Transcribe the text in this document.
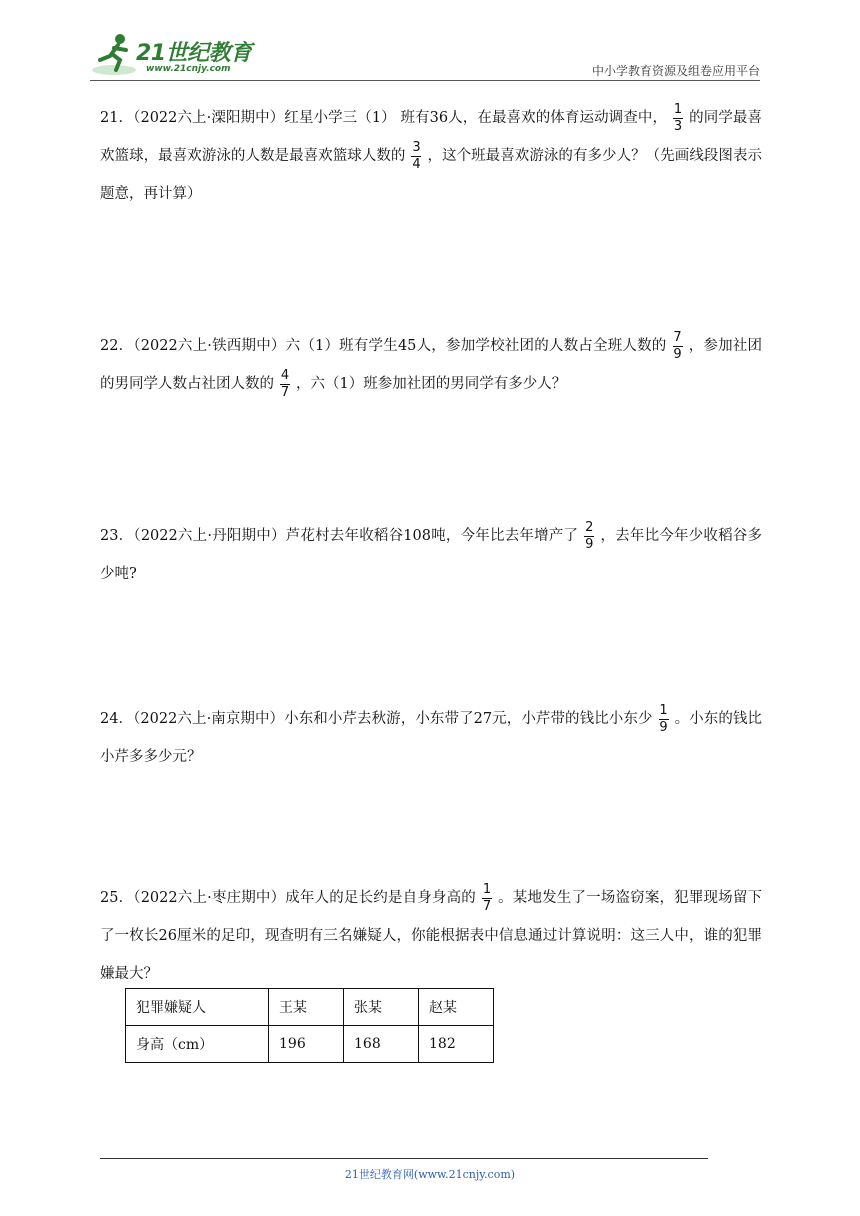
21世纪教育
www.21cnjy.com	中小学教育资源及组卷应用平台
21．（2022六上·溧阳期中）红星小学三（1） 班有36人，在最喜欢的体育运动调查中， $\frac{1}{3}$ 的同学最喜欢篮球，最喜欢游泳的人数是最喜欢篮球人数的 $\frac{3}{4}$ ，这个班最喜欢游泳的有多少人？（先画线段图表示题意，再计算）
22．（2022六上·铁西期中）六（1）班有学生45人，参加学校社团的人数占全班人数的 $\frac{7}{9}$ ，参加社团的男同学人数占社团人数的 $\frac{4}{7}$ ，六（1）班参加社团的男同学有多少人？
23．（2022六上·丹阳期中）芦花村去年收稻谷108吨，今年比去年增产了 $\frac{2}{9}$ ，去年比今年少收稻谷多少吨?
24．（2022六上·南京期中）小东和小芹去秋游，小东带了27元，小芹带的钱比小东少 $\frac{1}{9}$ 。小东的钱比小芹多多少元？
25．（2022六上·枣庄期中）成年人的足长约是自身身高的 $\frac{1}{7}$ 。某地发生了一场盗窃案，犯罪现场留下了一枚长26厘米的足印，现查明有三名嫌疑人，你能根据表中信息通过计算说明：这三人中，谁的犯罪嫌最大？
犯罪嫌疑人	王某	张某	赵某
身高（cm）	196	168	182
21世纪教育网(www.21cnjy.com)
